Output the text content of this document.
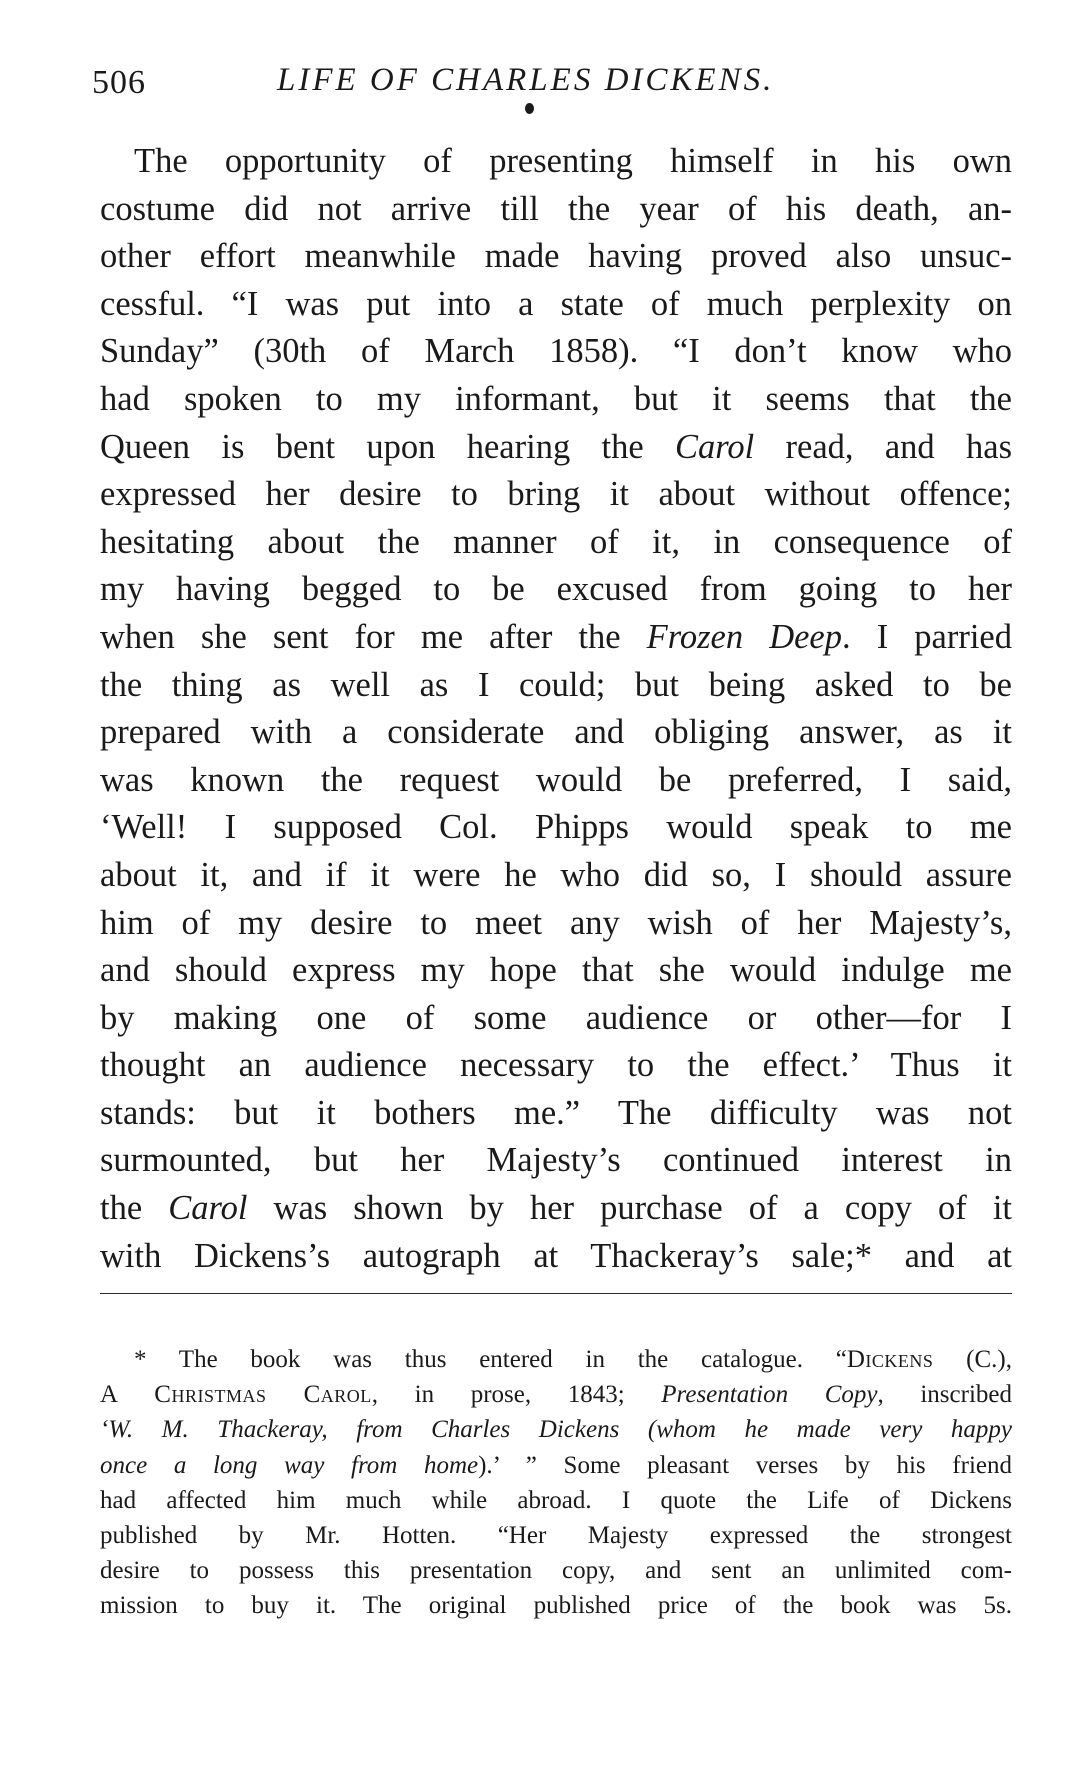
506	LIFE OF CHARLES DICKENS.
The opportunity of presenting himself in his own
costume did not arrive till the year of his death, an-
other effort meanwhile made having proved also unsuc-
cessful. “I was put into a state of much perplexity on
Sunday” (30th of March 1858). “I don’t know who
had spoken to my informant, but it seems that the
Queen is bent upon hearing the Carol read, and has
expressed her desire to bring it about without offence;
hesitating about the manner of it, in consequence of
my having begged to be excused from going to her
when she sent for me after the Frozen Deep. I parried
the thing as well as I could; but being asked to be
prepared with a considerate and obliging answer, as it
was known the request would be preferred, I said,
‘Well! I supposed Col. Phipps would speak to me
about it, and if it were he who did so, I should assure
him of my desire to meet any wish of her Majesty’s,
and should express my hope that she would indulge me
by making one of some audience or other—for I
thought an audience necessary to the effect.’ Thus it
stands: but it bothers me.” The difficulty was not
surmounted, but her Majesty’s continued interest in
the Carol was shown by her purchase of a copy of it
with Dickens’s autograph at Thackeray’s sale;* and at
* The book was thus entered in the catalogue. “Dickens (C.),
A Christmas Carol, in prose, 1843; Presentation Copy, inscribed
‘W. M. Thackeray, from Charles Dickens (whom he made very happy
once a long way from home).’ ” Some pleasant verses by his friend
had affected him much while abroad. I quote the Life of Dickens
published by Mr. Hotten. “Her Majesty expressed the strongest
desire to possess this presentation copy, and sent an unlimited com-
mission to buy it. The original published price of the book was 5s.
